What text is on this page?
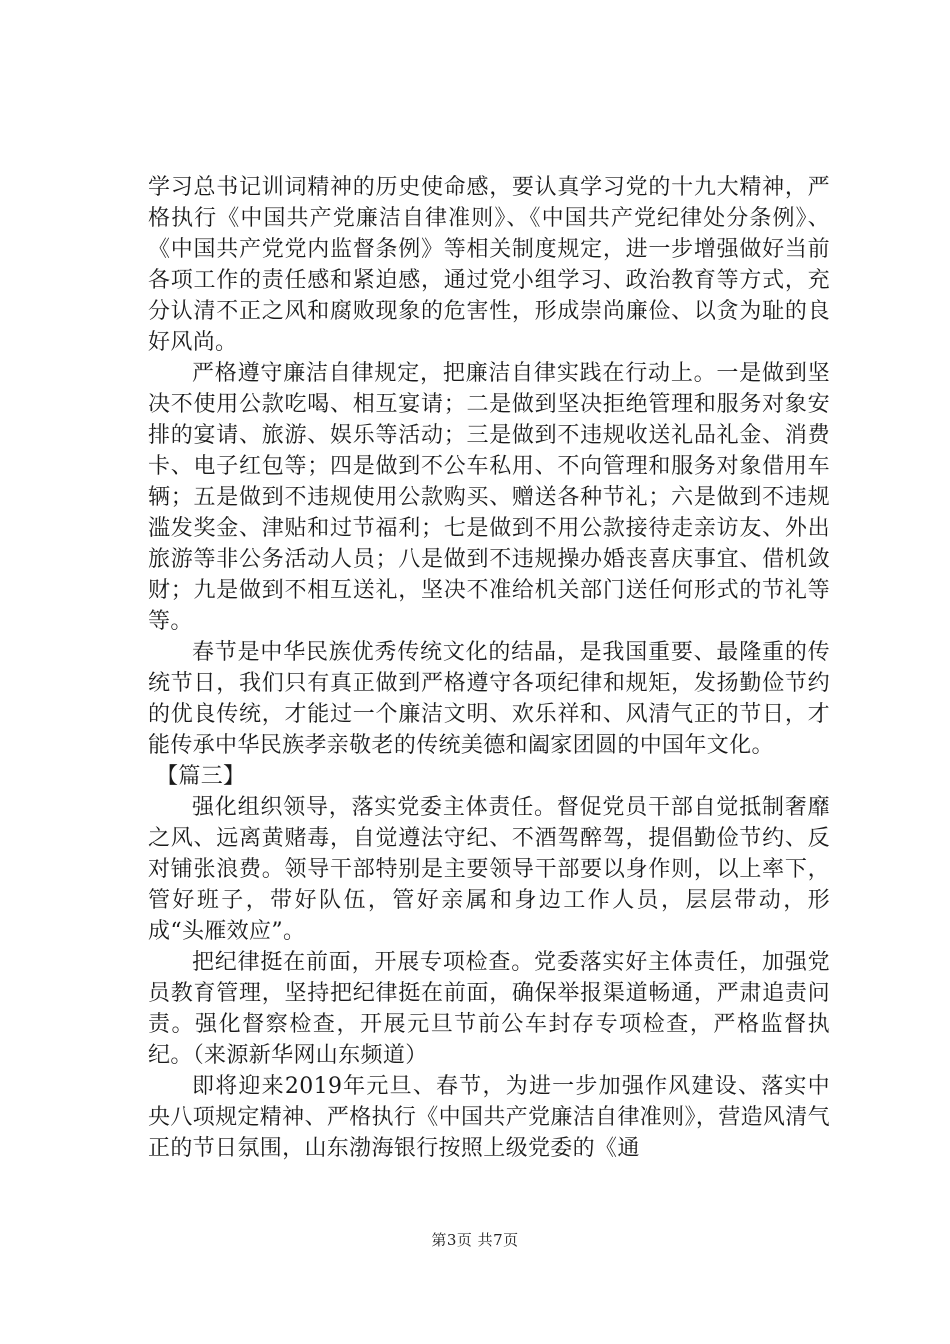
学习总书记训词精神的历史使命感，要认真学习党的十九大精神，严格执行《中国共产党廉洁自律准则》、《中国共产党纪律处分条例》、《中国共产党党内监督条例》等相关制度规定，进一步增强做好当前各项工作的责任感和紧迫感，通过党小组学习、政治教育等方式，充分认清不正之风和腐败现象的危害性，形成崇尚廉俭、以贪为耻的良好风尚。

严格遵守廉洁自律规定，把廉洁自律实践在行动上。一是做到坚决不使用公款吃喝、相互宴请；二是做到坚决拒绝管理和服务对象安排的宴请、旅游、娱乐等活动；三是做到不违规收送礼品礼金、消费卡、电子红包等；四是做到不公车私用、不向管理和服务对象借用车辆；五是做到不违规使用公款购买、赠送各种节礼；六是做到不违规滥发奖金、津贴和过节福利；七是做到不用公款接待走亲访友、外出旅游等非公务活动人员；八是做到不违规操办婚丧喜庆事宜、借机敛财；九是做到不相互送礼，坚决不准给机关部门送任何形式的节礼等等。

春节是中华民族优秀传统文化的结晶，是我国重要、最隆重的传统节日，我们只有真正做到严格遵守各项纪律和规矩，发扬勤俭节约的优良传统，才能过一个廉洁文明、欢乐祥和、风清气正的节日，才能传承中华民族孝亲敬老的传统美德和阖家团圆的中国年文化。

【篇三】

强化组织领导，落实党委主体责任。督促党员干部自觉抵制奢靡之风、远离黄赌毒，自觉遵法守纪、不酒驾醉驾，提倡勤俭节约、反对铺张浪费。领导干部特别是主要领导干部要以身作则，以上率下，管好班子，带好队伍，管好亲属和身边工作人员，层层带动，形成“头雁效应”。

把纪律挺在前面，开展专项检查。党委落实好主体责任，加强党员教育管理，坚持把纪律挺在前面，确保举报渠道畅通，严肃追责问责。强化督察检查，开展元旦节前公车封存专项检查，严格监督执纪。（来源新华网山东频道）

即将迎来2019年元旦、春节，为进一步加强作风建设、落实中央八项规定精神、严格执行《中国共产党廉洁自律准则》，营造风清气正的节日氛围，山东渤海银行按照上级党委的《通

第3页 共7页
